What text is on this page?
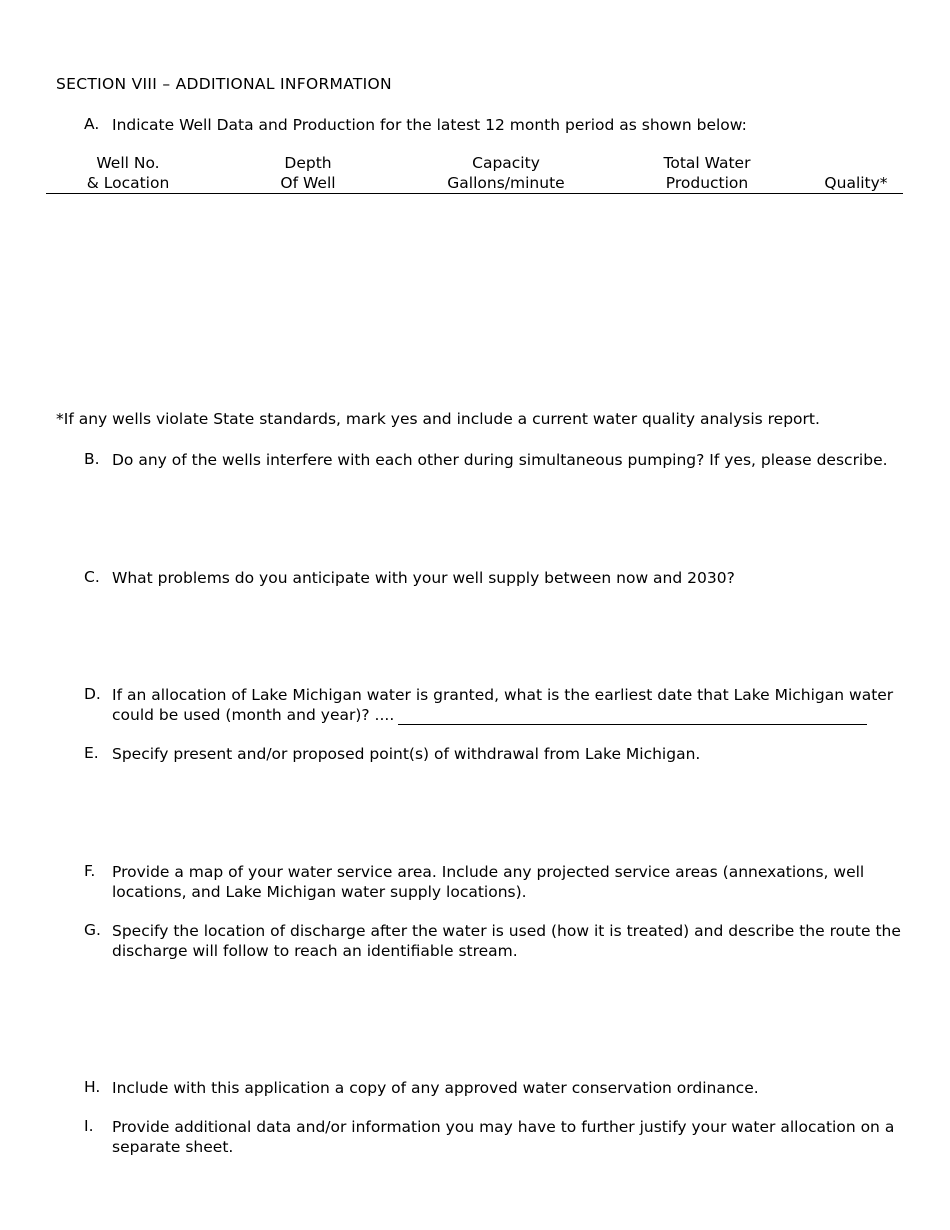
SECTION VIII – ADDITIONAL INFORMATION
A. Indicate Well Data and Production for the latest 12 month period as shown below:
Well No.
& Location
Depth
Of Well
Capacity
Gallons/minute
Total Water
Production	Quality*
*If any wells violate State standards, mark yes and include a current water quality analysis report.
B. Do any of the wells interfere with each other during simultaneous pumping? If yes, please describe.
C. What problems do you anticipate with your well supply between now and 2030?
D. If an allocation of Lake Michigan water is granted, what is the earliest date that Lake Michigan water
could be used (month and year)? ....
E. Specify present and/or proposed point(s) of withdrawal from Lake Michigan.
F. Provide a map of your water service area. Include any projected service areas (annexations, well
locations, and Lake Michigan water supply locations).
G. Specify the location of discharge after the water is used (how it is treated) and describe the route the
discharge will follow to reach an identifiable stream.
H. Include with this application a copy of any approved water conservation ordinance.
I. Provide additional data and/or information you may have to further justify your water allocation on a
separate sheet.
